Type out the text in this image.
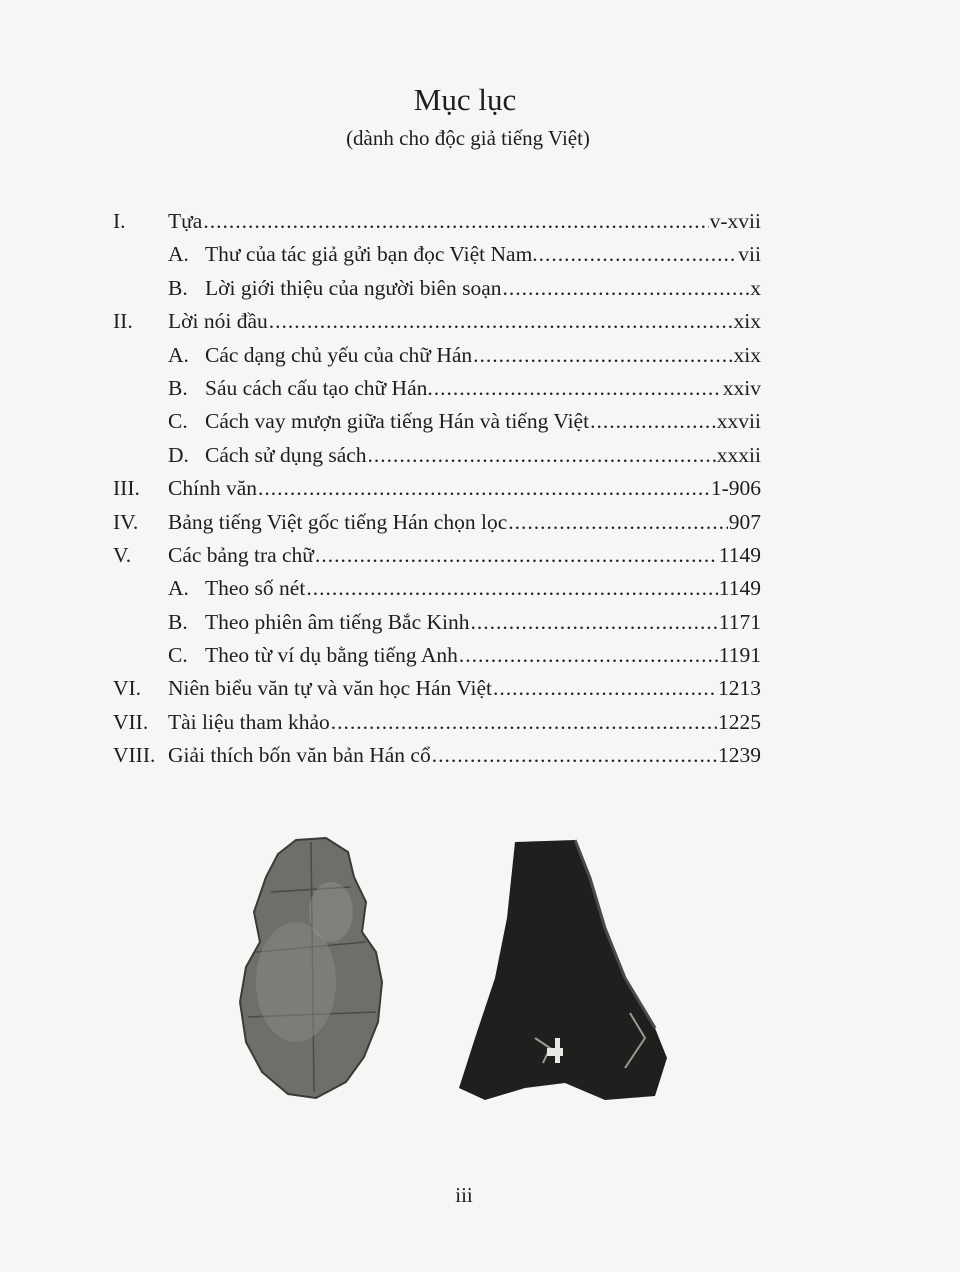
Mục lục
(dành cho độc giả tiếng Việt)
I.	Tựa .....	v-xvii
A. Thư của tác giả gửi bạn đọc Việt Nam. .....	vii
B. Lời giới thiệu của người biên soạn .....	x
II.	Lời nói đầu .....	xix
A. Các dạng chủ yếu của chữ Hán .....	xix
B. Sáu cách cấu tạo chữ Hán. .....	xxiv
C. Cách vay mượn giữa tiếng Hán và tiếng Việt .....	xxvii
D. Cách sử dụng sách .....	xxxii
III.	Chính văn .....	1-906
IV.	Bảng tiếng Việt gốc tiếng Hán chọn lọc .....	907
V.	Các bảng tra chữ .....	1149
A. Theo số nét .....	1149
B. Theo phiên âm tiếng Bắc Kinh .....	1171
C. Theo từ ví dụ bằng tiếng Anh .....	1191
VI.	Niên biểu văn tự và văn học Hán Việt .....	1213
VII. Tài liệu tham khảo .....	1225
VIII. Giải thích bốn văn bản Hán cổ .....	1239
iii
